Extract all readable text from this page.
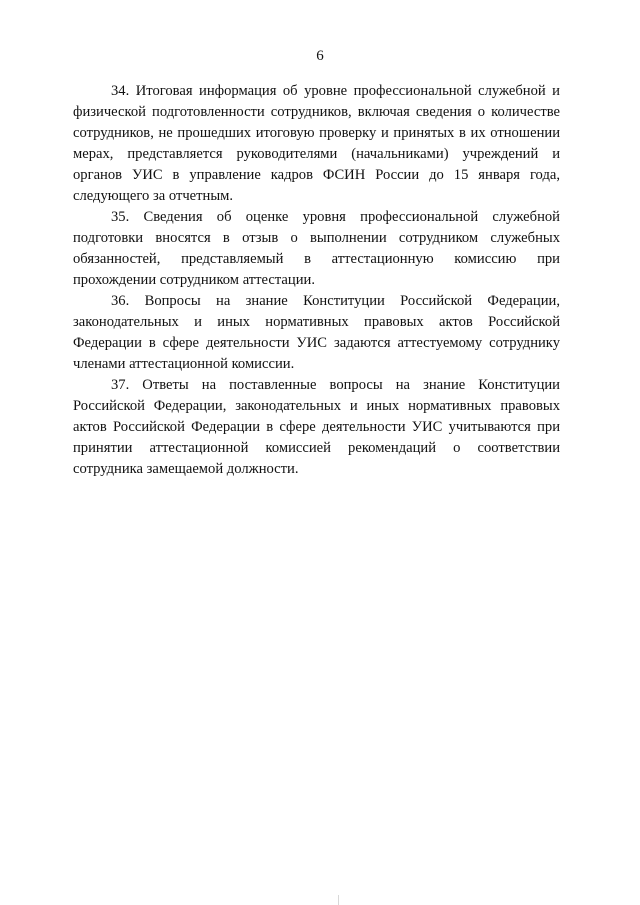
6

34. Итоговая информация об уровне профессиональной служебной и физической подготовленности сотрудников, включая сведения о количестве сотрудников, не прошедших итоговую проверку и принятых в их отношении мерах, представляется руководителями (начальниками) учреждений и органов УИС в управление кадров ФСИН России до 15 января года, следующего за отчетным.

35. Сведения об оценке уровня профессиональной служебной подготовки вносятся в отзыв о выполнении сотрудником служебных обязанностей, представляемый в аттестационную комиссию при прохождении сотрудником аттестации.

36. Вопросы на знание Конституции Российской Федерации, законодательных и иных нормативных правовых актов Российской Федерации в сфере деятельности УИС задаются аттестуемому сотруднику членами аттестационной комиссии.

37. Ответы на поставленные вопросы на знание Конституции Российской Федерации, законодательных и иных нормативных правовых актов Российской Федерации в сфере деятельности УИС учитываются при принятии аттестационной комиссией рекомендаций о соответствии сотрудника замещаемой должности.
